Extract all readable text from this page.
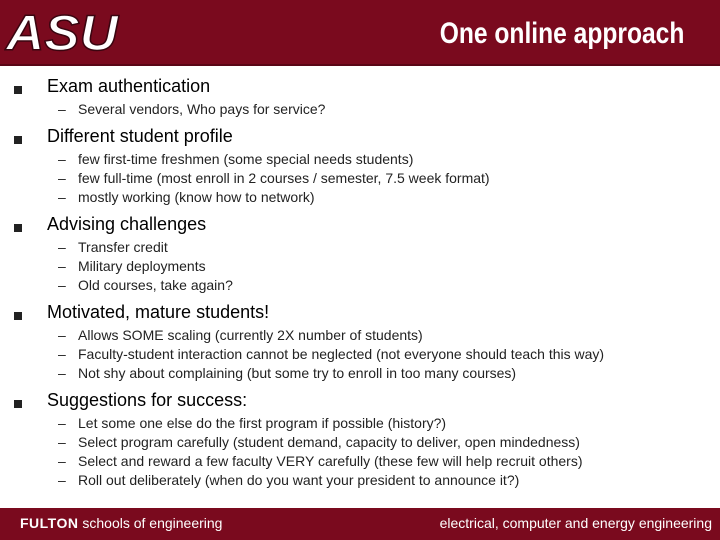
ASU	One online approach
Exam authentication
– Several vendors, Who pays for service?
Different student profile
– few first-time freshmen (some special needs students)
– few full-time (most enroll in 2 courses / semester, 7.5 week format)
– mostly working (know how to network)
Advising challenges
– Transfer credit
– Military deployments
– Old courses, take again?
Motivated, mature students!
– Allows SOME scaling (currently 2X number of students)
– Faculty-student interaction cannot be neglected (not everyone should teach this way)
– Not shy about complaining (but some try to enroll in too many courses)
Suggestions for success:
– Let some one else do the first program if possible (history?)
– Select program carefully (student demand, capacity to deliver, open mindedness)
– Select and reward a few faculty VERY carefully (these few will help recruit others)
– Roll out deliberately (when do you want your president to announce it?)
FULTON schools of engineering	electrical, computer and energy engineering
